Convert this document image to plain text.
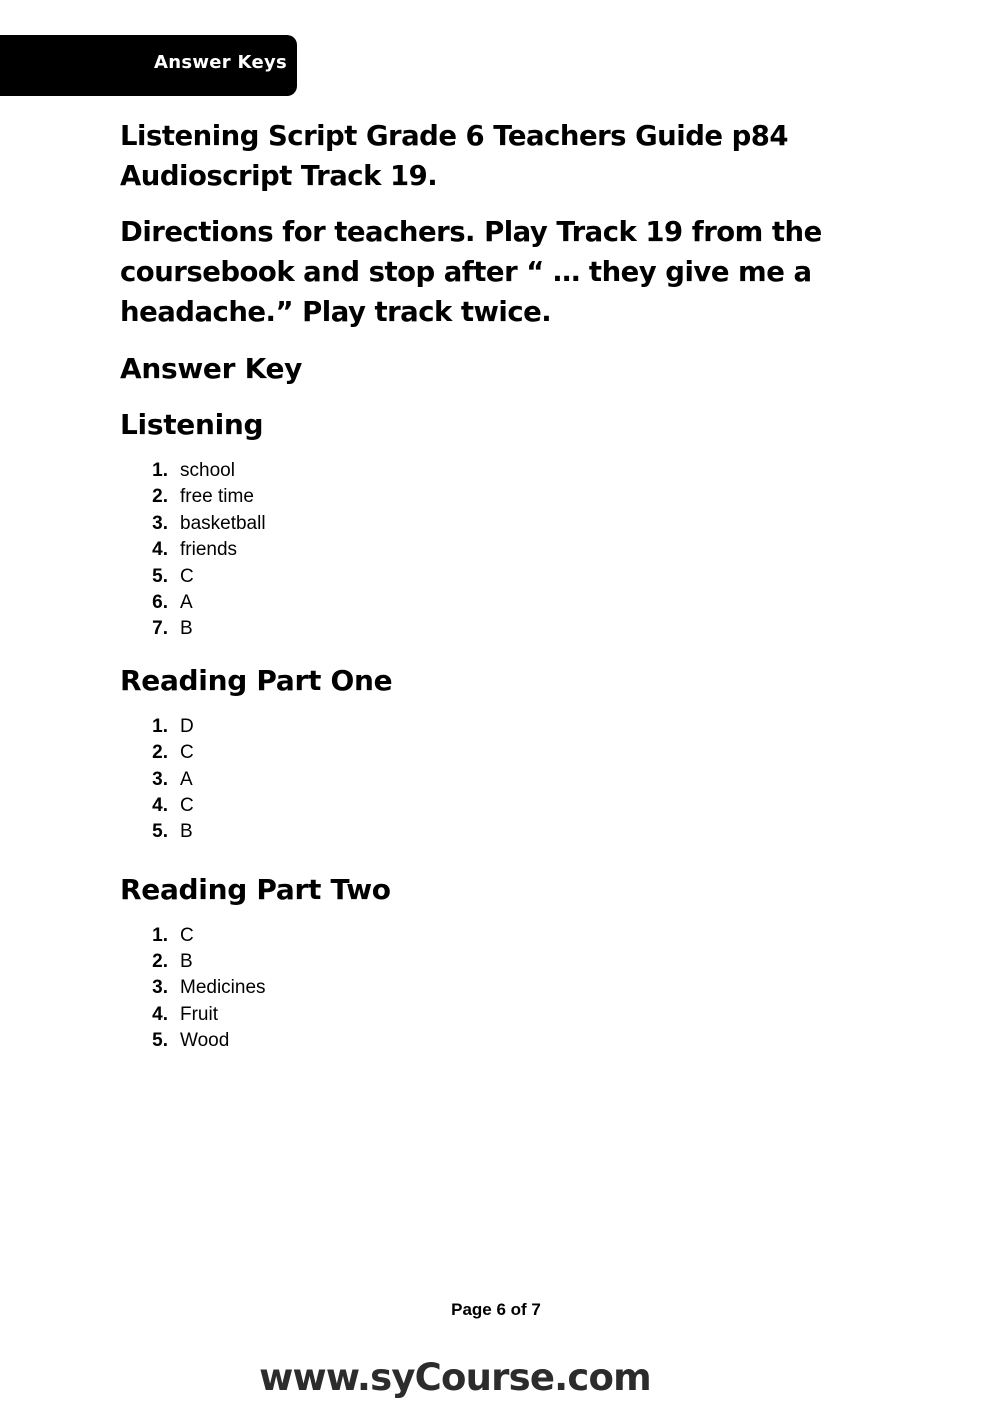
Answer Keys
Listening Script Grade 6 Teachers Guide p84 Audioscript Track 19.

Directions for teachers. Play Track 19 from the coursebook and stop after “ … they give me a headache.” Play track twice.

Answer Key
Listening
1. school
2. free time
3. basketball
4. friends
5. C
6. A
7. B
Reading Part One
1. D
2. C
3. A
4. C
5. B
Reading Part Two
1. C
2. B
3. Medicines
4. Fruit
5. Wood
Page 6 of 7
www.syCourse.com
